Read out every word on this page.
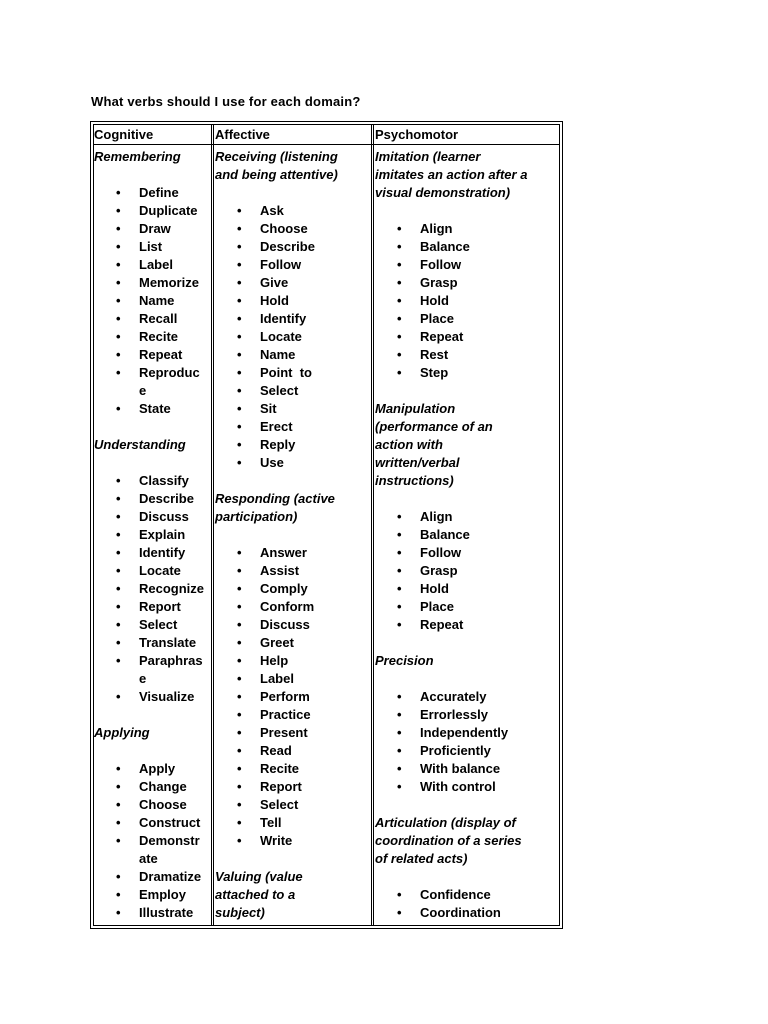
What verbs should I use for each domain?
Cognitive	Affective	Psychomotor
Remembering
• Define
• Duplicate
• Draw
• List
• Label
• Memorize
• Name
• Recall
• Recite
• Repeat
• Reproduc
e
• State
Understanding
• Classify
• Describe
• Discuss
• Explain
• Identify
• Locate
• Recognize
• Report
• Select
• Translate
• Paraphras
e
• Visualize
Applying
• Apply
• Change
• Choose
• Construct
• Demonstr
ate
• Dramatize
• Employ
• Illustrate
Receiving (listening
and being attentive)
• Ask
• Choose
• Describe
• Follow
• Give
• Hold
• Identify
• Locate
• Name
• Point  to
• Select
• Sit
• Erect
• Reply
• Use
Responding (active
participation)
• Answer
• Assist
• Comply
• Conform
• Discuss
• Greet
• Help
• Label
• Perform
• Practice
• Present
• Read
• Recite
• Report
• Select
• Tell
• Write
Valuing (value
attached to a
subject)
Imitation (learner
imitates an action after a
visual demonstration)
• Align
• Balance
• Follow
• Grasp
• Hold
• Place
• Repeat
• Rest
• Step
Manipulation
(performance of an
action with
written/verbal
instructions)
• Align
• Balance
• Follow
• Grasp
• Hold
• Place
• Repeat
Precision
• Accurately
• Errorlessly
• Independently
• Proficiently
• With balance
• With control
Articulation (display of
coordination of a series
of related acts)
• Confidence
• Coordination
